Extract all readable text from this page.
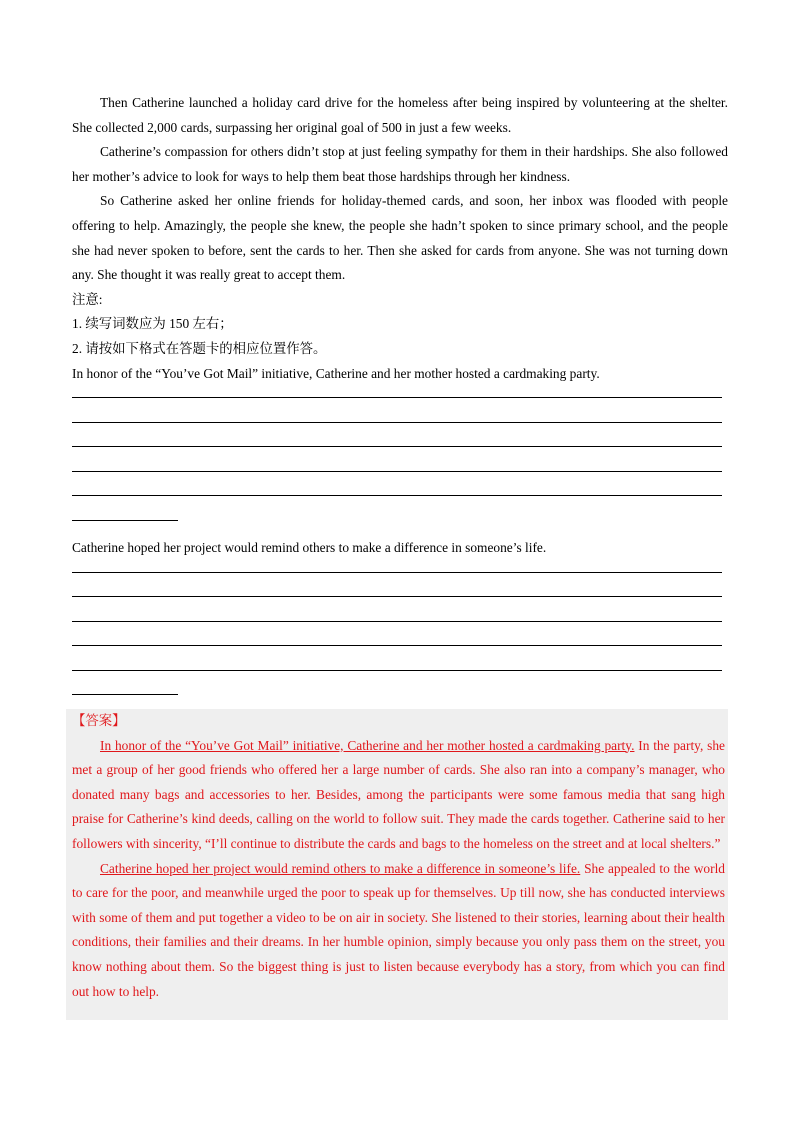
Then Catherine launched a holiday card drive for the homeless after being inspired by volunteering at the shelter. She collected 2,000 cards, surpassing her original goal of 500 in just a few weeks.

Catherine’s compassion for others didn’t stop at just feeling sympathy for them in their hardships. She also followed her mother’s advice to look for ways to help them beat those hardships through her kindness.

So Catherine asked her online friends for holiday-themed cards, and soon, her inbox was flooded with people offering to help. Amazingly, the people she knew, the people she hadn’t spoken to since primary school, and the people she had never spoken to before, sent the cards to her. Then she asked for cards from anyone. She was not turning down any. She thought it was really great to accept them.

注意:

1. 续写词数应为 150 左右；

2. 请按如下格式在答题卡的相应位置作答。

In honor of the “You’ve Got Mail” initiative, Catherine and her mother hosted a cardmaking party.

Catherine hoped her project would remind others to make a difference in someone’s life.

【答案】

In honor of the “You’ve Got Mail” initiative, Catherine and her mother hosted a cardmaking party. In the party, she met a group of her good friends who offered her a large number of cards. She also ran into a company’s manager, who donated many bags and accessories to her. Besides, among the participants were some famous media that sang high praise for Catherine’s kind deeds, calling on the world to follow suit. They made the cards together. Catherine said to her followers with sincerity, “I’ll continue to distribute the cards and bags to the homeless on the street and at local shelters.”

Catherine hoped her project would remind others to make a difference in someone’s life. She appealed to the world to care for the poor, and meanwhile urged the poor to speak up for themselves. Up till now, she has conducted interviews with some of them and put together a video to be on air in society. She listened to their stories, learning about their health conditions, their families and their dreams. In her humble opinion, simply because you only pass them on the street, you know nothing about them. So the biggest thing is just to listen because everybody has a story, from which you can find out how to help.
